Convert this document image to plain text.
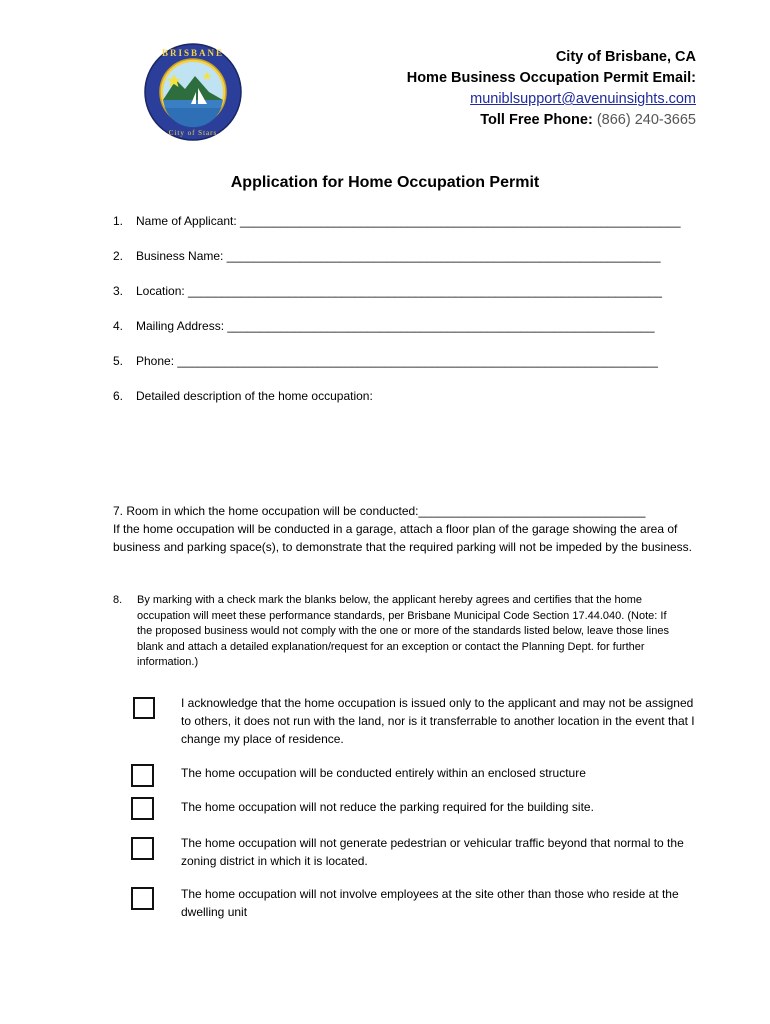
BRISBANE
City of Stars
City of Brisbane, CA
Home Business Occupation Permit Email:
muniblsupport@avenuinsights.com
Toll Free Phone: (866) 240-3665
Application for Home Occupation Permit
1. Name of Applicant: __________________________________________________________________
2. Business Name: _________________________________________________________________
3. Location: _______________________________________________________________________
4. Mailing Address: ________________________________________________________________
5. Phone: ________________________________________________________________________
6. Detailed description of the home occupation:
7. Room in which the home occupation will be conducted:__________________________________
If the home occupation will be conducted in a garage, attach a floor plan of the garage showing the area of business and parking space(s), to demonstrate that the required parking will not be impeded by the business.
8. By marking with a check mark the blanks below, the applicant hereby agrees and certifies that the home occupation will meet these performance standards, per Brisbane Municipal Code Section 17.44.040. (Note: If the proposed business would not comply with the one or more of the standards listed below, leave those lines blank and attach a detailed explanation/request for an exception or contact the Planning Dept. for further information.)
I acknowledge that the home occupation is issued only to the applicant and may not be assigned to others, it does not run with the land, nor is it transferrable to another location in the event that I change my place of residence.
The home occupation will be conducted entirely within an enclosed structure
The home occupation will not reduce the parking required for the building site.
The home occupation will not generate pedestrian or vehicular traffic beyond that normal to the zoning district in which it is located.
The home occupation will not involve employees at the site other than those who reside at the dwelling unit
